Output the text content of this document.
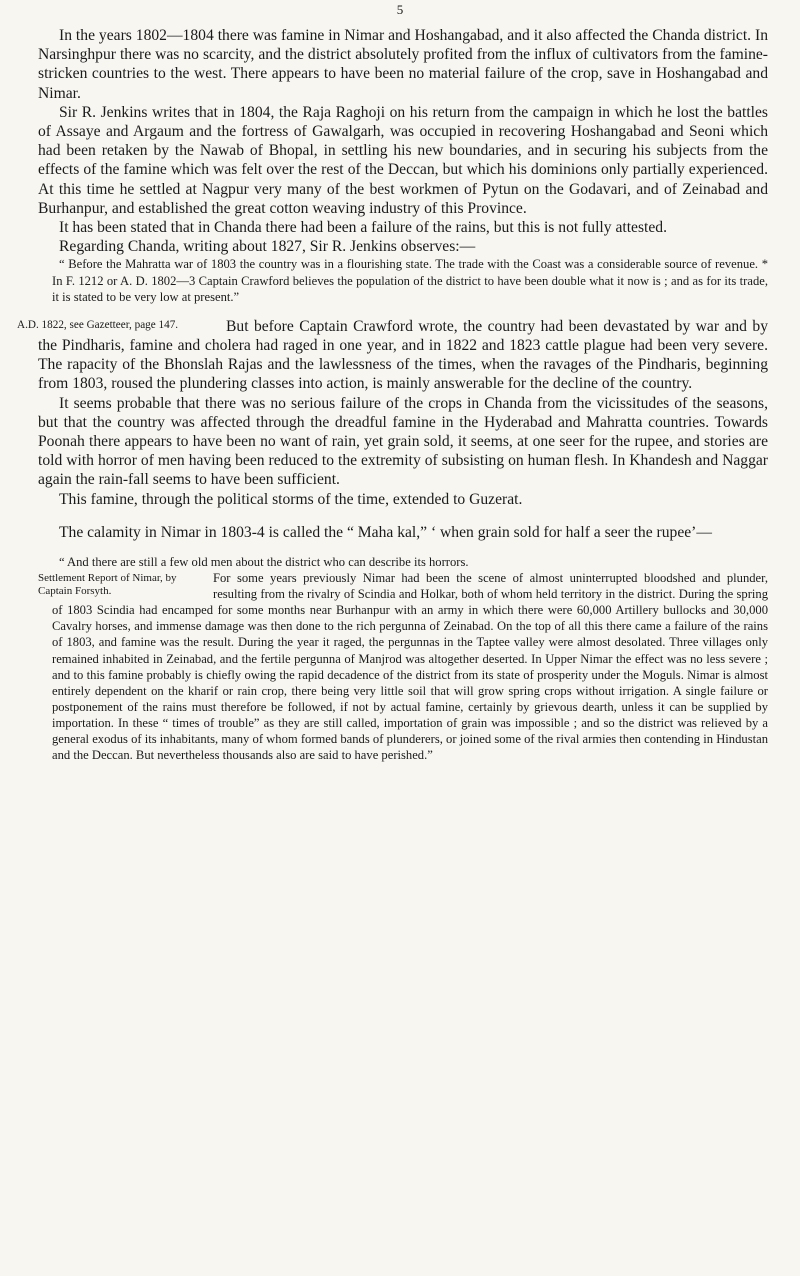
5

In the years 1802—1804 there was famine in Nimar and Hoshangabad, and it also affected the Chanda district. In Narsinghpur there was no scarcity, and the district absolutely profited from the influx of cultivators from the famine-stricken countries to the west. There appears to have been no material failure of the crop, save in Hoshangabad and Nimar.

Sir R. Jenkins writes that in 1804, the Raja Raghoji on his return from the campaign in which he lost the battles of Assaye and Argaum and the fortress of Gawalgarh, was occupied in recovering Hoshangabad and Seoni which had been retaken by the Nawab of Bhopal, in settling his new boundaries, and in securing his subjects from the effects of the famine which was felt over the rest of the Deccan, but which his dominions only partially experienced. At this time he settled at Nagpur very many of the best workmen of Pytun on the Godavari, and of Zeinabad and Burhanpur, and established the great cotton weaving industry of this Province.

It has been stated that in Chanda there had been a failure of the rains, but this is not fully attested.

Regarding Chanda, writing about 1827, Sir R. Jenkins observes:—

“ Before the Mahratta war of 1803 the country was in a flourishing state. The trade with the Coast was a considerable source of revenue. * In F. 1212 or A. D. 1802—3 Captain Crawford believes the population of the district to have been double what it now is ; and as for its trade, it is stated to be very low at present.”

A.D. 1822, see Gazetteer, page 147.	But before Captain Crawford wrote, the country had been devastated by war and by the Pindharis, famine and cholera had raged in one year, and in 1822 and 1823 cattle plague had been very severe. The rapacity of the Bhonslah Rajas and the lawlessness of the times, when the ravages of the Pindharis, beginning from 1803, roused the plundering classes into action, is mainly answerable for the decline of the country.

It seems probable that there was no serious failure of the crops in Chanda from the vicissitudes of the seasons, but that the country was affected through the dreadful famine in the Hyderabad and Mahratta countries. Towards Poonah there appears to have been no want of rain, yet grain sold, it seems, at one seer for the rupee, and stories are told with horror of men having been reduced to the extremity of subsisting on human flesh. In Khandesh and Naggar again the rain-fall seems to have been sufficient.

This famine, through the political storms of the time, extended to Guzerat.

The calamity in Nimar in 1803-4 is called the “ Maha kal,” ‘ when grain sold for half a seer the rupee’—

“ And there are still a few old men about the district who can describe its horrors.

Settlement Report of Nimar, by Captain Forsyth.
For some years previously Nimar had been the scene of almost uninterrupted bloodshed and plunder, resulting from the rivalry of Scindia and Holkar, both of whom held territory in the district. During the spring of 1803 Scindia had encamped for some months near Burhanpur with an army in which there were 60,000 Artillery bullocks and 30,000 Cavalry horses, and immense damage was then done to the rich pergunna of Zeinabad. On the top of all this there came a failure of the rains of 1803, and famine was the result. During the year it raged, the pergunnas in the Taptee valley were almost desolated. Three villages only remained inhabited in Zeinabad, and the fertile pergunna of Manjrod was altogether deserted. In Upper Nimar the effect was no less severe ; and to this famine probably is chiefly owing the rapid decadence of the district from its state of prosperity under the Moguls. Nimar is almost entirely dependent on the kharif or rain crop, there being very little soil that will grow spring crops without irrigation. A single failure or postponement of the rains must therefore be followed, if not by actual famine, certainly by grievous dearth, unless it can be supplied by importation. In these “ times of trouble” as they are still called, importation of grain was impossible ; and so the district was relieved by a general exodus of its inhabitants, many of whom formed bands of plunderers, or joined some of the rival armies then contending in Hindustan and the Deccan. But nevertheless thousands also are said to have perished.”
